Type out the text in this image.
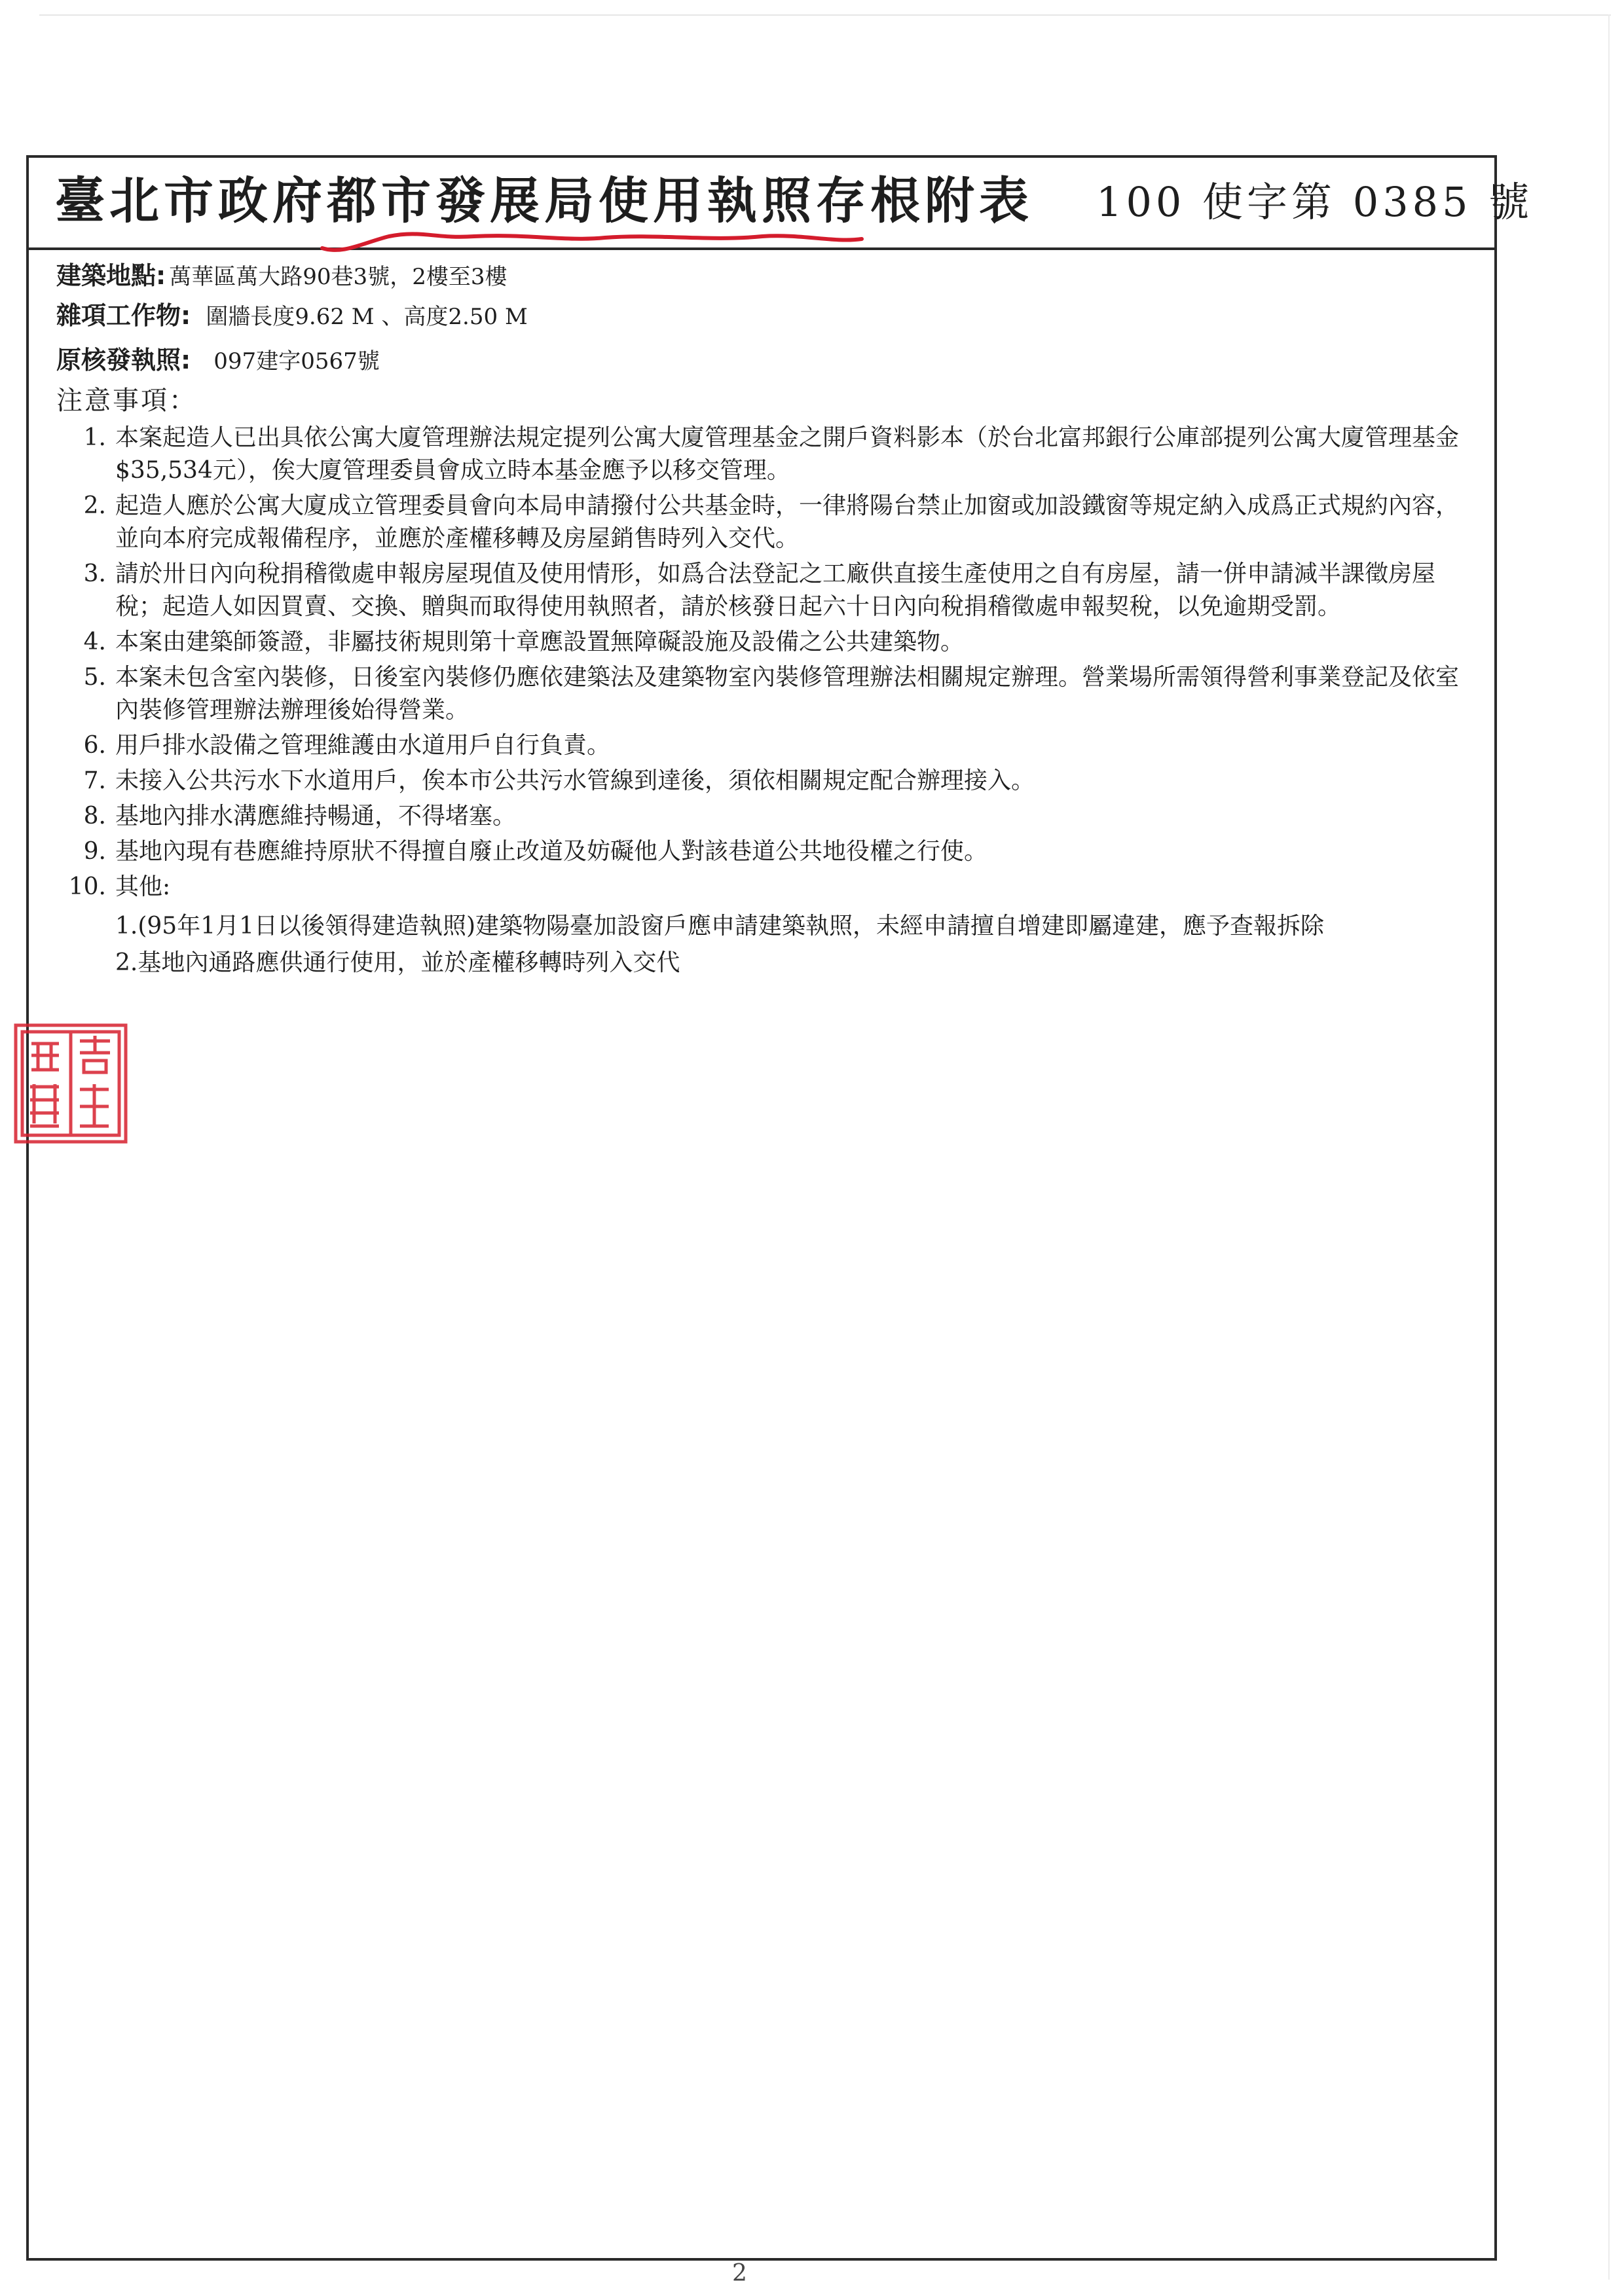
臺北市政府都市發展局使用執照存根附表 100 使字第 0385 號
建築地點: 萬華區萬大路90巷3號，2樓至3樓
雜項工作物: 圍牆長度9.62 M 、高度2.50 M
原核發執照: 097建字0567號
注意事項：
1. 本案起造人已出具依公寓大廈管理辦法規定提列公寓大廈管理基金之開戶資料影本（於台北富邦銀行公庫部提列公寓大廈管理基金$35,534元），俟大廈管理委員會成立時本基金應予以移交管理。
2. 起造人應於公寓大廈成立管理委員會向本局申請撥付公共基金時，一律將陽台禁止加窗或加設鐵窗等規定納入成爲正式規約內容，並向本府完成報備程序，並應於產權移轉及房屋銷售時列入交代。
3. 請於卅日內向稅捐稽徵處申報房屋現值及使用情形，如爲合法登記之工廠供直接生產使用之自有房屋，請一併申請減半課徵房屋稅；起造人如因買賣、交換、贈與而取得使用執照者，請於核發日起六十日內向稅捐稽徵處申報契稅，以免逾期受罰。
4. 本案由建築師簽證，非屬技術規則第十章應設置無障礙設施及設備之公共建築物。
5. 本案未包含室內裝修，日後室內裝修仍應依建築法及建築物室內裝修管理辦法相關規定辦理。營業場所需領得營利事業登記及依室內裝修管理辦法辦理後始得營業。
6. 用戶排水設備之管理維護由水道用戶自行負責。
7. 未接入公共污水下水道用戶，俟本市公共污水管線到達後，須依相關規定配合辦理接入。
8. 基地內排水溝應維持暢通，不得堵塞。
9. 基地內現有巷應維持原狀不得擅自廢止改道及妨礙他人對該巷道公共地役權之行使。
10. 其他:
1.(95年1月1日以後領得建造執照)建築物陽臺加設窗戶應申請建築執照，未經申請擅自增建即屬違建，應予查報拆除
2.基地內通路應供通行使用，並於產權移轉時列入交代
2
